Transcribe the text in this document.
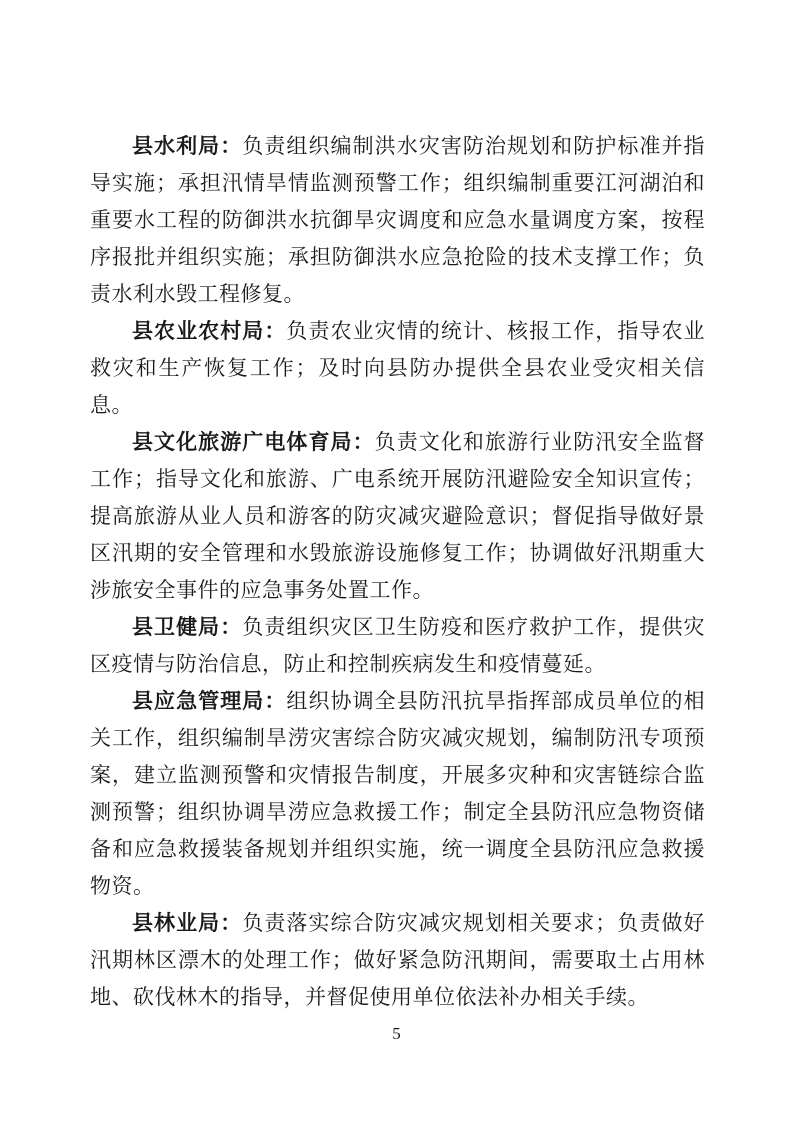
县水利局：负责组织编制洪水灾害防治规划和防护标准并指导实施；承担汛情旱情监测预警工作；组织编制重要江河湖泊和重要水工程的防御洪水抗御旱灾调度和应急水量调度方案，按程序报批并组织实施；承担防御洪水应急抢险的技术支撑工作；负责水利水毁工程修复。

县农业农村局：负责农业灾情的统计、核报工作，指导农业救灾和生产恢复工作；及时向县防办提供全县农业受灾相关信息。

县文化旅游广电体育局：负责文化和旅游行业防汛安全监督工作；指导文化和旅游、广电系统开展防汛避险安全知识宣传；提高旅游从业人员和游客的防灾减灾避险意识；督促指导做好景区汛期的安全管理和水毁旅游设施修复工作；协调做好汛期重大涉旅安全事件的应急事务处置工作。

县卫健局：负责组织灾区卫生防疫和医疗救护工作，提供灾区疫情与防治信息，防止和控制疾病发生和疫情蔓延。

县应急管理局：组织协调全县防汛抗旱指挥部成员单位的相关工作，组织编制旱涝灾害综合防灾减灾规划，编制防汛专项预案，建立监测预警和灾情报告制度，开展多灾种和灾害链综合监测预警；组织协调旱涝应急救援工作；制定全县防汛应急物资储备和应急救援装备规划并组织实施，统一调度全县防汛应急救援物资。

县林业局：负责落实综合防灾减灾规划相关要求；负责做好汛期林区漂木的处理工作；做好紧急防汛期间，需要取土占用林地、砍伐林木的指导，并督促使用单位依法补办相关手续。

5
